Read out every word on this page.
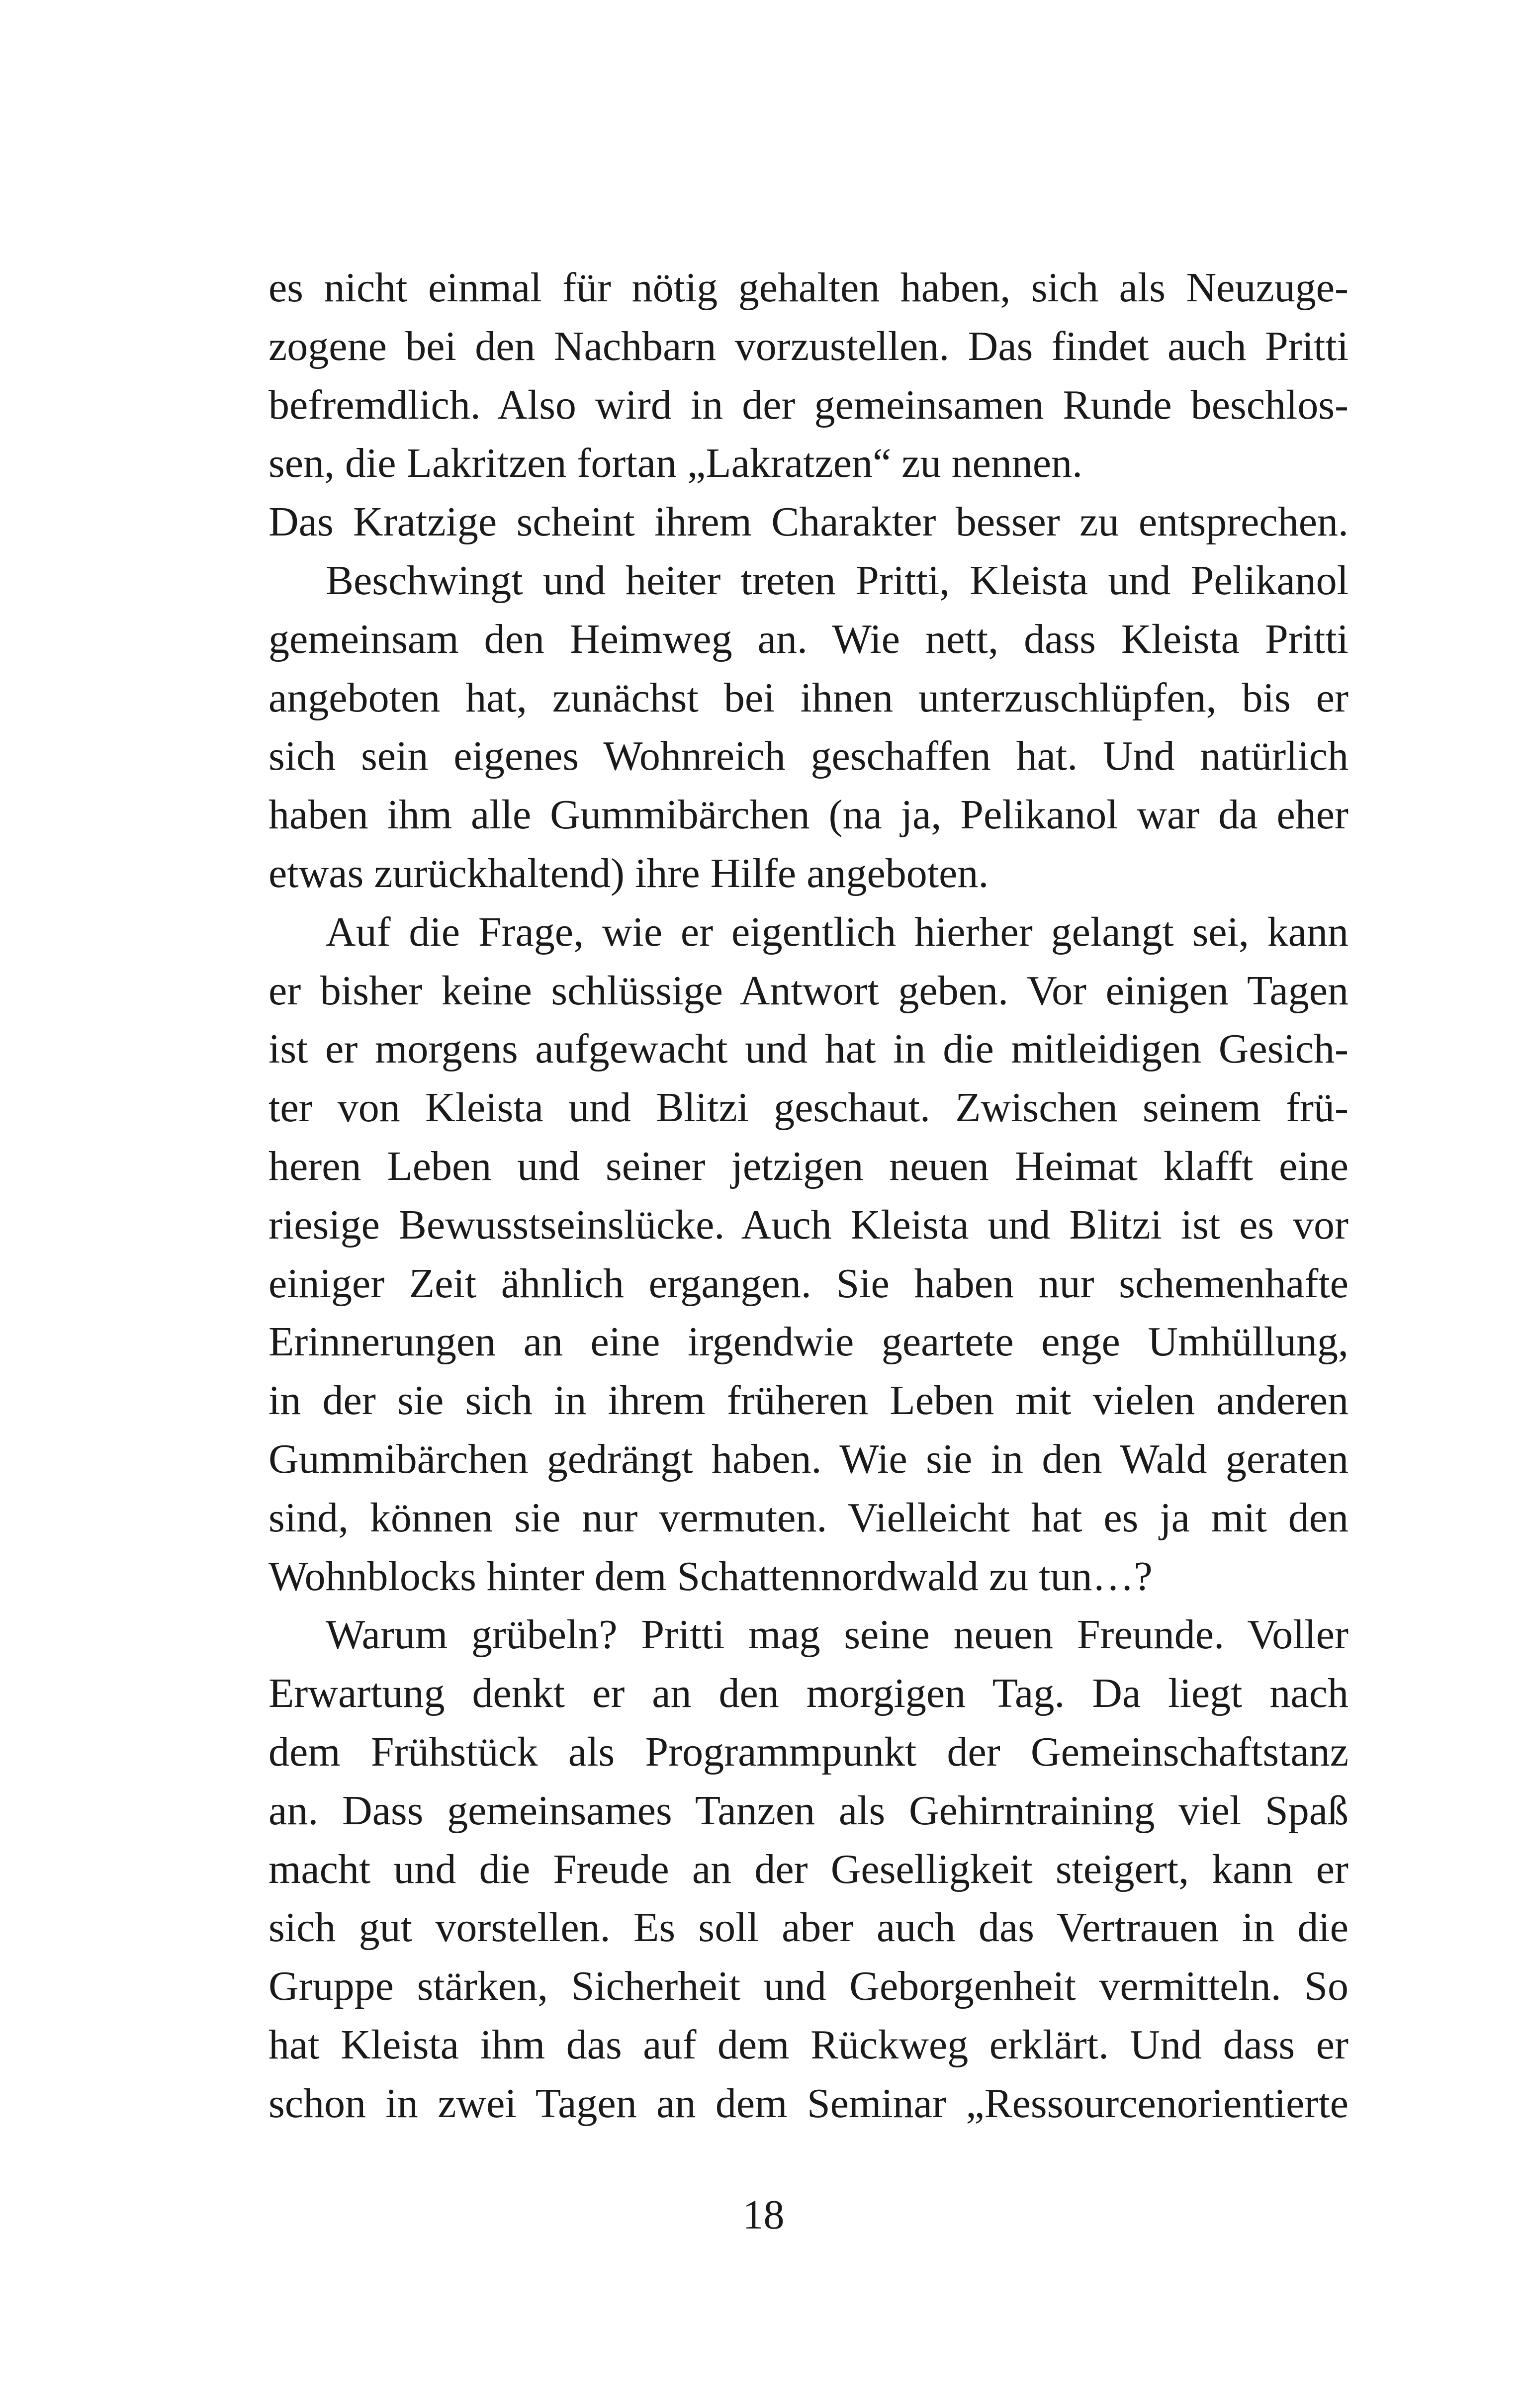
es nicht einmal für nötig gehalten haben, sich als Neuzuge-
zogene bei den Nachbarn vorzustellen. Das findet auch Pritti
befremdlich. Also wird in der gemeinsamen Runde beschlos-
sen, die Lakritzen fortan „Lakratzen“ zu nennen.
Das Kratzige scheint ihrem Charakter besser zu entsprechen.
Beschwingt und heiter treten Pritti, Kleista und Pelikanol
gemeinsam den Heimweg an. Wie nett, dass Kleista Pritti
angeboten hat, zunächst bei ihnen unterzuschlüpfen, bis er
sich sein eigenes Wohnreich geschaffen hat. Und natürlich
haben ihm alle Gummibärchen (na ja, Pelikanol war da eher
etwas zurückhaltend) ihre Hilfe angeboten.
Auf die Frage, wie er eigentlich hierher gelangt sei, kann
er bisher keine schlüssige Antwort geben. Vor einigen Tagen
ist er morgens aufgewacht und hat in die mitleidigen Gesich-
ter von Kleista und Blitzi geschaut. Zwischen seinem frü-
heren Leben und seiner jetzigen neuen Heimat klafft eine
riesige Bewusstseinslücke. Auch Kleista und Blitzi ist es vor
einiger Zeit ähnlich ergangen. Sie haben nur schemenhafte
Erinnerungen an eine irgendwie geartete enge Umhüllung,
in der sie sich in ihrem früheren Leben mit vielen anderen
Gummibärchen gedrängt haben. Wie sie in den Wald geraten
sind, können sie nur vermuten. Vielleicht hat es ja mit den
Wohnblocks hinter dem Schattennordwald zu tun…?
Warum grübeln? Pritti mag seine neuen Freunde. Voller
Erwartung denkt er an den morgigen Tag. Da liegt nach
dem Frühstück als Programmpunkt der Gemeinschaftstanz
an. Dass gemeinsames Tanzen als Gehirntraining viel Spaß
macht und die Freude an der Geselligkeit steigert, kann er
sich gut vorstellen. Es soll aber auch das Vertrauen in die
Gruppe stärken, Sicherheit und Geborgenheit vermitteln. So
hat Kleista ihm das auf dem Rückweg erklärt. Und dass er
schon in zwei Tagen an dem Seminar „Ressourcenorientierte
18
